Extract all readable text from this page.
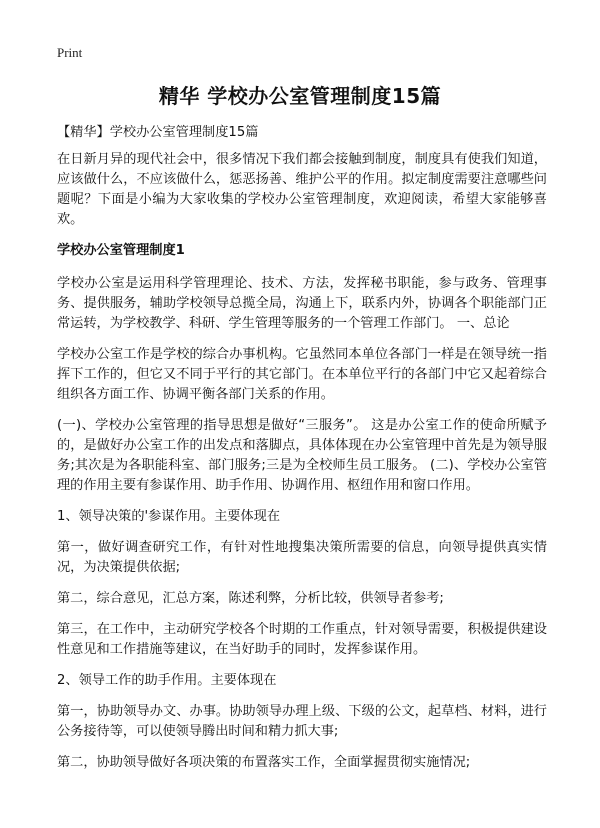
Print
精华 学校办公室管理制度15篇
【精华】学校办公室管理制度15篇

在日新月异的现代社会中，很多情况下我们都会接触到制度，制度具有使我们知道，应该做什么，不应该做什么，惩恶扬善、维护公平的作用。拟定制度需要注意哪些问题呢？下面是小编为大家收集的学校办公室管理制度，欢迎阅读，希望大家能够喜欢。

学校办公室管理制度1

学校办公室是运用科学管理理论、技术、方法，发挥秘书职能，参与政务、管理事务、提供服务，辅助学校领导总揽全局，沟通上下，联系内外，协调各个职能部门正常运转，为学校教学、科研、学生管理等服务的一个管理工作部门。 一、总论

学校办公室工作是学校的综合办事机构。它虽然同本单位各部门一样是在领导统一指挥下工作的，但它又不同于平行的其它部门。在本单位平行的各部门中它又起着综合组织各方面工作、协调平衡各部门关系的作用。

(一)、学校办公室管理的指导思想是做好“三服务”。 这是办公室工作的使命所赋予的，是做好办公室工作的出发点和落脚点，具体体现在办公室管理中首先是为领导服务;其次是为各职能科室、部门服务;三是为全校师生员工服务。 (二)、学校办公室管理的作用主要有参谋作用、助手作用、协调作用、枢纽作用和窗口作用。

1、领导决策的'参谋作用。主要体现在

第一，做好调查研究工作，有针对性地搜集决策所需要的信息，向领导提供真实情况，为决策提供依据;

第二，综合意见，汇总方案，陈述利弊，分析比较，供领导者参考;

第三，在工作中，主动研究学校各个时期的工作重点，针对领导需要，积极提供建设性意见和工作措施等建议，在当好助手的同时，发挥参谋作用。

2、领导工作的助手作用。主要体现在

第一，协助领导办文、办事。协助领导办理上级、下级的公文，起草档、材料，进行公务接待等，可以使领导腾出时间和精力抓大事;

第二，协助领导做好各项决策的布置落实工作，全面掌握贯彻实施情况;
